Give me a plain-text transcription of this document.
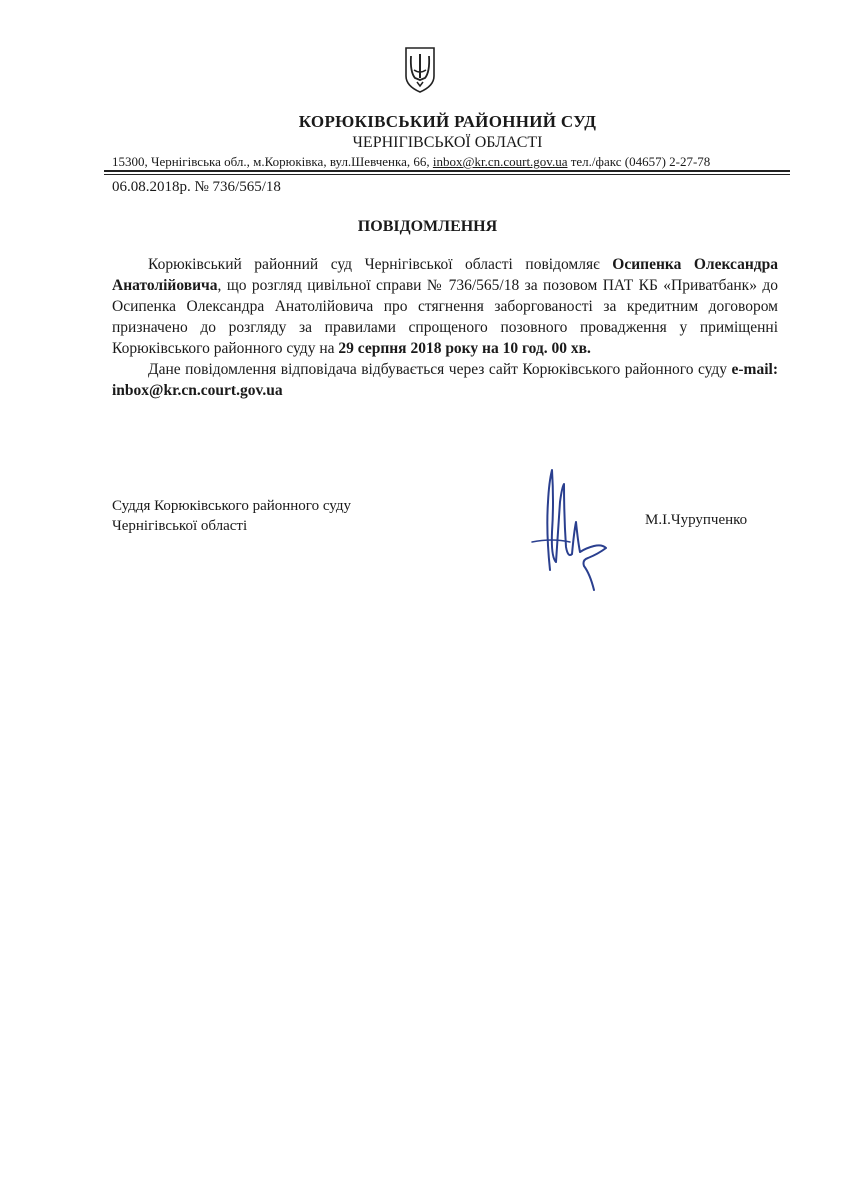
КОРЮКІВСЬКИЙ РАЙОННИЙ СУД
ЧЕРНІГІВСЬКОЇ ОБЛАСТІ
15300, Чернігівська обл., м.Корюківка, вул.Шевченка, 66, inbox@kr.cn.court.gov.ua тел./факс (04657) 2-27-78
06.08.2018р. № 736/565/18
ПОВІДОМЛЕННЯ

Корюківський районний суд Чернігівської області повідомляє Осипенка Олександра Анатолійовича, що розгляд цивільної справи № 736/565/18 за позовом ПАТ КБ «Приватбанк» до Осипенка Олександра Анатолійовича про стягнення заборгованості за кредитним договором призначено до розгляду за правилами спрощеного позовного провадження у приміщенні Корюківського районного суду на 29 серпня 2018 року на 10 год. 00 хв.

Дане повідомлення відповідача відбувається через сайт Корюківського районного суду e-mail: inbox@kr.cn.court.gov.ua

Суддя Корюківського районного суду
Чернігівської області	М.І.Чурупченко
